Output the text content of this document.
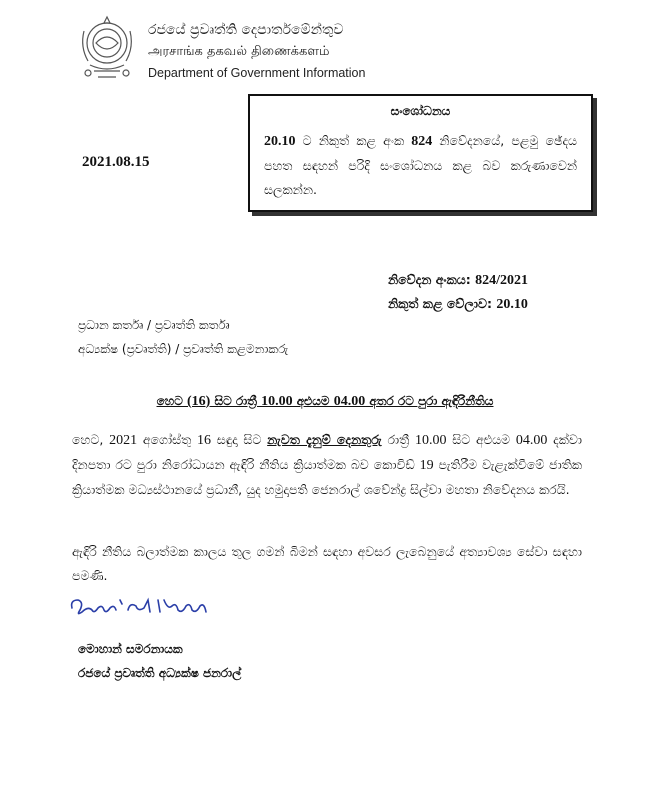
රජයේ ප්‍රවෘත්ති දෙපාර්තමේන්තුව
அரசாங்க தகவல் திணைக்களம்
Department of Government Information
2021.08.15
සංශෝධනය
20.10 ට නිකුත් කළ අංක 824 නිවේදනයේ, පළමු ඡේදය පහත සඳහන් පරිදි සංශෝධනය කළ බව කරුණාවෙන් සලකන්න.
නිවේදන අංකය: 824/2021
නිකුත් කළ වේලාව: 20.10
ප්‍රධාන කර්තෘ / ප්‍රවෘත්ති කර්තෘ
අධ්‍යක්ෂ (ප්‍රවෘත්ති) / ප්‍රවෘත්ති කළමනාකරු
හෙට (16) සිට රාත්‍රී 10.00 අළුයම 04.00 අතර රට පුරා ඇඳිරිනීතිය
හෙට, 2021 අගෝස්තු 16 සඳුදා සිට නැවත දැනුම් දෙනතුරු රාත්‍රී 10.00 සිට අළුයම 04.00 දක්වා දිනපතා රට පුරා නිරෝධායන ඇඳිරි නීතිය ක්‍රියාත්මක බව කොවිඩ් 19 පැතිරීම වැළැක්වීමේ ජාතික ක්‍රියාත්මක මධ්‍යස්ථානයේ ප්‍රධානී, යුද හමුදාපති ජෙනරාල් ශවේන්ද්‍ර සිල්වා මහතා නිවේදනය කරයි.
ඇඳිරි නීතිය බලාත්මක කාලය තුල ගමන් බිමන් සඳහා අවසර ලැබෙනුයේ අත්‍යාවශ්‍ය සේවා සඳහා පමණි.
මොහාන් සමරනායක
රජයේ ප්‍රවෘත්ති අධ්‍යක්ෂ ජනරාල්
